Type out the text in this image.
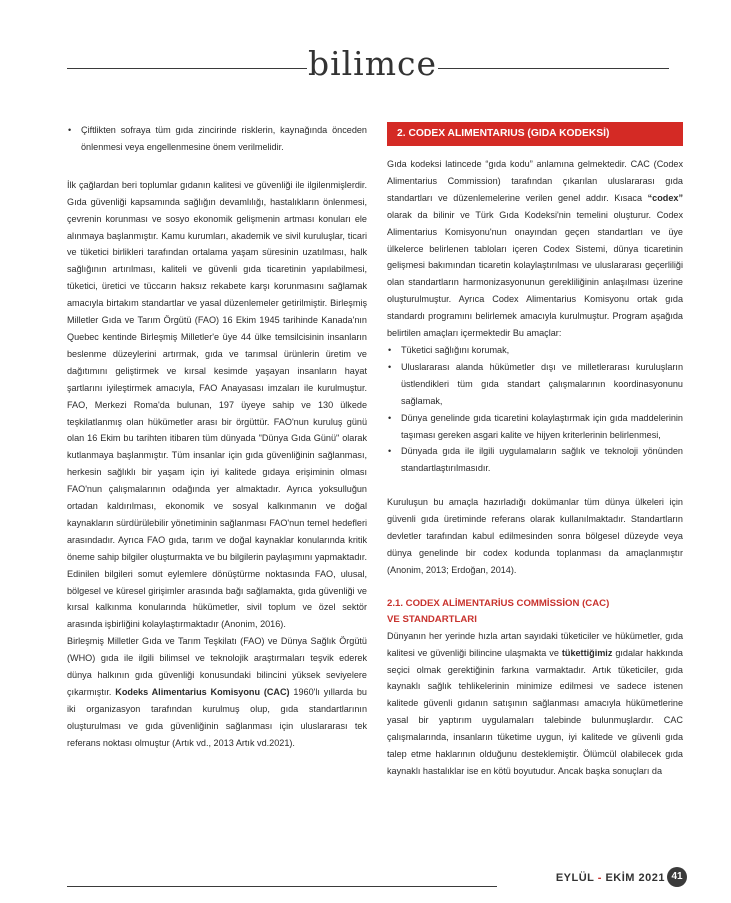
bilimce
• Çiftlikten sofraya tüm gıda zincirinde risklerin, kaynağında önceden önlenmesi veya engellenmesine önem verilmelidir.

İlk çağlardan beri toplumlar gıdanın kalitesi ve güvenliği ile ilgilenmişlerdir. Gıda güvenliği kapsamında sağlığın devamlılığı, hastalıkların önlenmesi, çevrenin korunması ve sosyo ekonomik gelişmenin artması konuları ele alınmaya başlanmıştır. Kamu kurumları, akademik ve sivil kuruluşlar, ticari ve tüketici birlikleri tarafından ortalama yaşam süresinin uzatılması, halk sağlığının artırılması, kaliteli ve güvenli gıda ticaretinin yapılabilmesi, tüketici, üretici ve tüccarın haksız rekabete karşı korunmasını sağlamak amacıyla birtakım standartlar ve yasal düzenlemeler getirilmiştir. Birleşmiş Milletler Gıda ve Tarım Örgütü (FAO) 16 Ekim 1945 tarihinde Kanada'nın Quebec kentinde Birleşmiş Milletler'e üye 44 ülke temsilcisinin insanların beslenme düzeylerini artırmak, gıda ve tarımsal ürünlerin üretim ve dağıtımını geliştirmek ve kırsal kesimde yaşayan insanların hayat şartlarını iyileştirmek amacıyla, FAO Anayasası imzaları ile kurulmuştur. FAO, Merkezi Roma'da bulunan, 197 üyeye sahip ve 130 ülkede teşkilatlanmış olan hükümetler arası bir örgüttür. FAO'nun kuruluş günü olan 16 Ekim bu tarihten itibaren tüm dünyada "Dünya Gıda Günü" olarak kutlanmaya başlanmıştır. Tüm insanlar için gıda güvenliğinin sağlanması, herkesin sağlıklı bir yaşam için iyi kalitede gıdaya erişiminin olması FAO'nun çalışmalarının odağında yer almaktadır. Ayrıca yoksulluğun ortadan kaldırılması, ekonomik ve sosyal kalkınmanın ve doğal kaynakların sürdürülebilir yönetiminin sağlanması FAO'nun temel hedefleri arasındadır. Ayrıca FAO gıda, tarım ve doğal kaynaklar konularında kritik öneme sahip bilgiler oluşturmakta ve bu bilgilerin paylaşımını yapmaktadır. Edinilen bilgileri somut eylemlere dönüştürme noktasında FAO, ulusal, bölgesel ve küresel girişimler arasında bağı sağlamakta, gıda güvenliği ve kırsal kalkınma konularında hükümetler, sivil toplum ve özel sektör arasında işbirliğini kolaylaştırmaktadır (Anonim, 2016).

Birleşmiş Milletler Gıda ve Tarım Teşkilatı (FAO) ve Dünya Sağlık Örgütü (WHO) gıda ile ilgili bilimsel ve teknolojik araştırmaları teşvik ederek dünya halkının gıda güvenliği konusundaki bilincini yüksek seviyelere çıkarmıştır. Kodeks Alimentarius Komisyonu (CAC) 1960'lı yıllarda bu iki organizasyon tarafından kurulmuş olup, gıda standartlarının oluşturulması ve gıda güvenliğinin sağlanması için uluslararası tek referans noktası olmuştur (Artık vd., 2013 Artık vd.2021).

2. CODEX ALIMENTARIUS (GIDA KODEKSİ)

Gıda kodeksi latincede “gıda kodu” anlamına gelmektedir. CAC (Codex Alimentarius Commission) tarafından çıkarılan uluslararası gıda standartları ve düzenlemelerine verilen genel addır. Kısaca “codex” olarak da bilinir ve Türk Gıda Kodeksi'nin temelini oluşturur. Codex Alimentarius Komisyonu'nun onayından geçen standartları ve üye ülkelerce belirlenen tabloları içeren Codex Sistemi, dünya ticaretinin gelişmesi bakımından ticaretin kolaylaştırılması ve uluslararası geçerliliği olan standartların harmonizasyonunun gerekliliğinin anlaşılması üzerine oluşturulmuştur. Ayrıca Codex Alimentarius Komisyonu ortak gıda standardı programını belirlemek amacıyla kurulmuştur. Program aşağıda belirtilen amaçları içermektedir Bu amaçlar:

• Tüketici sağlığını korumak,
• Uluslararası alanda hükümetler dışı ve milletlerarası kuruluşların üstlendikleri tüm gıda standart çalışmalarının koordinasyonunu sağlamak,
• Dünya genelinde gıda ticaretini kolaylaştırmak için gıda maddelerinin taşıması gereken asgari kalite ve hijyen kriterlerinin belirlenmesi,
• Dünyada gıda ile ilgili uygulamaların sağlık ve teknoloji yönünden standartlaştırılmasıdır.

Kuruluşun bu amaçla hazırladığı dokümanlar tüm dünya ülkeleri için güvenli gıda üretiminde referans olarak kullanılmaktadır. Standartların devletler tarafından kabul edilmesinden sonra bölgesel düzeyde veya dünya genelinde bir codex kodunda toplanması da amaçlanmıştır (Anonim, 2013; Erdoğan, 2014).

2.1. CODEX ALİMENTARİUS COMMİSSİON (CAC)
VE STANDARTLARI

Dünyanın her yerinde hızla artan sayıdaki tüketiciler ve hükümetler, gıda kalitesi ve güvenliği bilincine ulaşmakta ve tükettiğimiz gıdalar hakkında seçici olmak gerektiğinin farkına varmaktadır. Artık tüketiciler, gıda kaynaklı sağlık tehlikelerinin minimize edilmesi ve sadece istenen kalitede güvenli gıdanın satışının sağlanması amacıyla hükümetlerine yasal bir yaptırım uygulamaları talebinde bulunmuşlardır. CAC çalışmalarında, insanların tüketime uygun, iyi kalitede ve güvenli gıda talep etme haklarının olduğunu desteklemiştir. Ölümcül olabilecek gıda kaynaklı hastalıklar ise en kötü boyutudur. Ancak başka sonuçları da

EYLÜL - EKİM 2021 41
